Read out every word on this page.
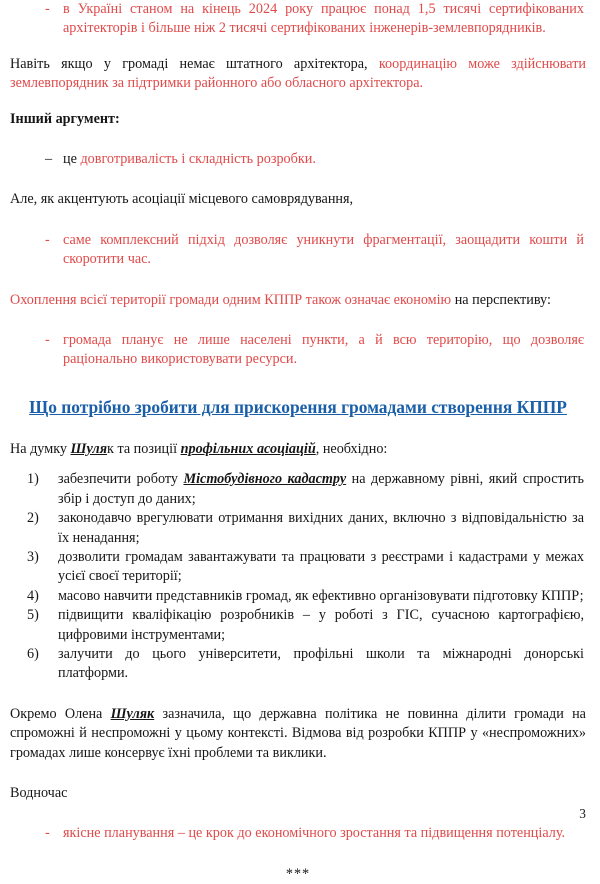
- в Україні станом на кінець 2024 року працює понад 1,5 тисячі сертифікованих архітекторів і більше ніж 2 тисячі сертифікованих інженерів-землевпорядників.

Навіть якщо у громаді немає штатного архітектора, координацію може здійснювати землевпорядник за підтримки районного або обласного архітектора.

Інший аргумент:

– це довготривалість і складність розробки.

Але, як акцентують асоціації місцевого самоврядування,

- саме комплексний підхід дозволяє уникнути фрагментації, заощадити кошти й скоротити час.

Охоплення всієї території громади одним КППР також означає економію на перспективу:

- громада планує не лише населені пункти, а й всю територію, що дозволяє раціонально використовувати ресурси.
Що потрібно зробити для прискорення громадами створення КППР

На думку Шуляк та позиції профільних асоціацій, необхідно:

1) забезпечити роботу Містобудівного кадастру на державному рівні, який спростить збір і доступ до даних;
2) законодавчо врегулювати отримання вихідних даних, включно з відповідальністю за їх ненадання;
3) дозволити громадам завантажувати та працювати з реєстрами і кадастрами у межах усієї своєї території;
4) масово навчити представників громад, як ефективно організовувати підготовку КППР;
5) підвищити кваліфікацію розробників – у роботі з ГІС, сучасною картографією, цифровими інструментами;
6) залучити до цього університети, профільні школи та міжнародні донорські платформи.

Окремо Олена Шуляк зазначила, що державна політика не повинна ділити громади на спроможні й неспроможні у цьому контексті. Відмова від розробки КППР у «неспроможних» громадах лише консервує їхні проблеми та виклики.

Водночас

- якісне планування – це крок до економічного зростання та підвищення потенціалу.
***
3
